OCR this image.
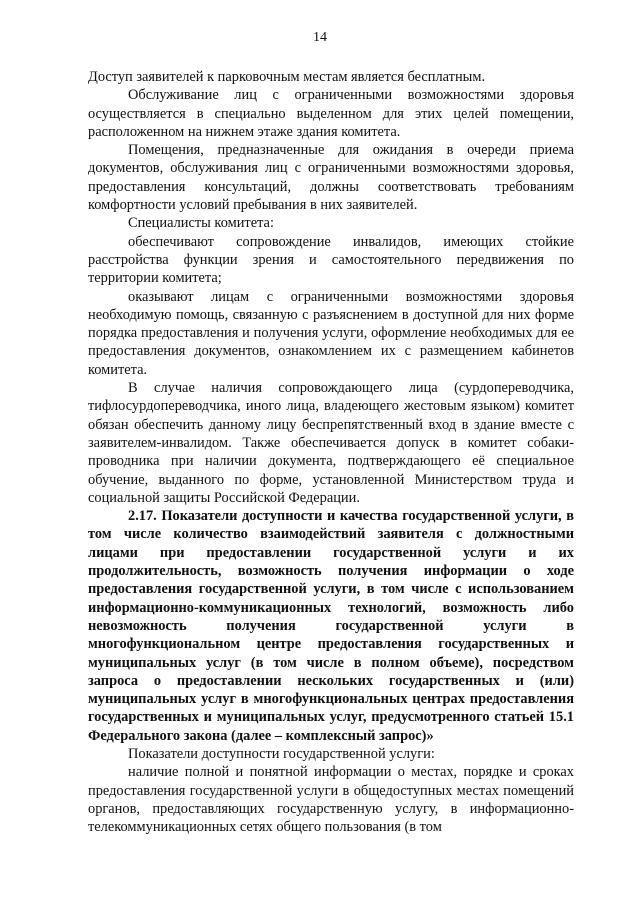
14

Доступ заявителей к парковочным местам является бесплатным.

Обслуживание лиц с ограниченными возможностями здоровья осуществляется в специально выделенном для этих целей помещении, расположенном на нижнем этаже здания комитета.

Помещения, предназначенные для ожидания в очереди приема документов, обслуживания лиц с ограниченными возможностями здоровья, предоставления консультаций, должны соответствовать требованиям комфортности условий пребывания в них заявителей.

Специалисты комитета:

обеспечивают сопровождение инвалидов, имеющих стойкие расстройства функции зрения и самостоятельного передвижения по территории комитета;

оказывают лицам с ограниченными возможностями здоровья необходимую помощь, связанную с разъяснением в доступной для них форме порядка предоставления и получения услуги, оформление необходимых для ее предоставления документов, ознакомлением их с размещением кабинетов комитета.

В случае наличия сопровождающего лица (сурдопереводчика, тифлосурдопереводчика, иного лица, владеющего жестовым языком) комитет обязан обеспечить данному лицу беспрепятственный вход в здание вместе с заявителем-инвалидом. Также обеспечивается допуск в комитет собаки-проводника при наличии документа, подтверждающего её специальное обучение, выданного по форме, установленной Министерством труда и социальной защиты Российской Федерации.

2.17. Показатели доступности и качества государственной услуги, в том числе количество взаимодействий заявителя с должностными лицами при предоставлении государственной услуги и их продолжительность, возможность получения информации о ходе предоставления государственной услуги, в том числе с использованием информационно-коммуникационных технологий, возможность либо невозможность получения государственной услуги в многофункциональном центре предоставления государственных и муниципальных услуг (в том числе в полном объеме), посредством запроса о предоставлении нескольких государственных и (или) муниципальных услуг в многофункциональных центрах предоставления государственных и муниципальных услуг, предусмотренного статьей 15.1 Федерального закона (далее – комплексный запрос)»

Показатели доступности государственной услуги:

наличие полной и понятной информации о местах, порядке и сроках предоставления государственной услуги в общедоступных местах помещений органов, предоставляющих государственную услугу, в информационно-телекоммуникационных сетях общего пользования (в том
